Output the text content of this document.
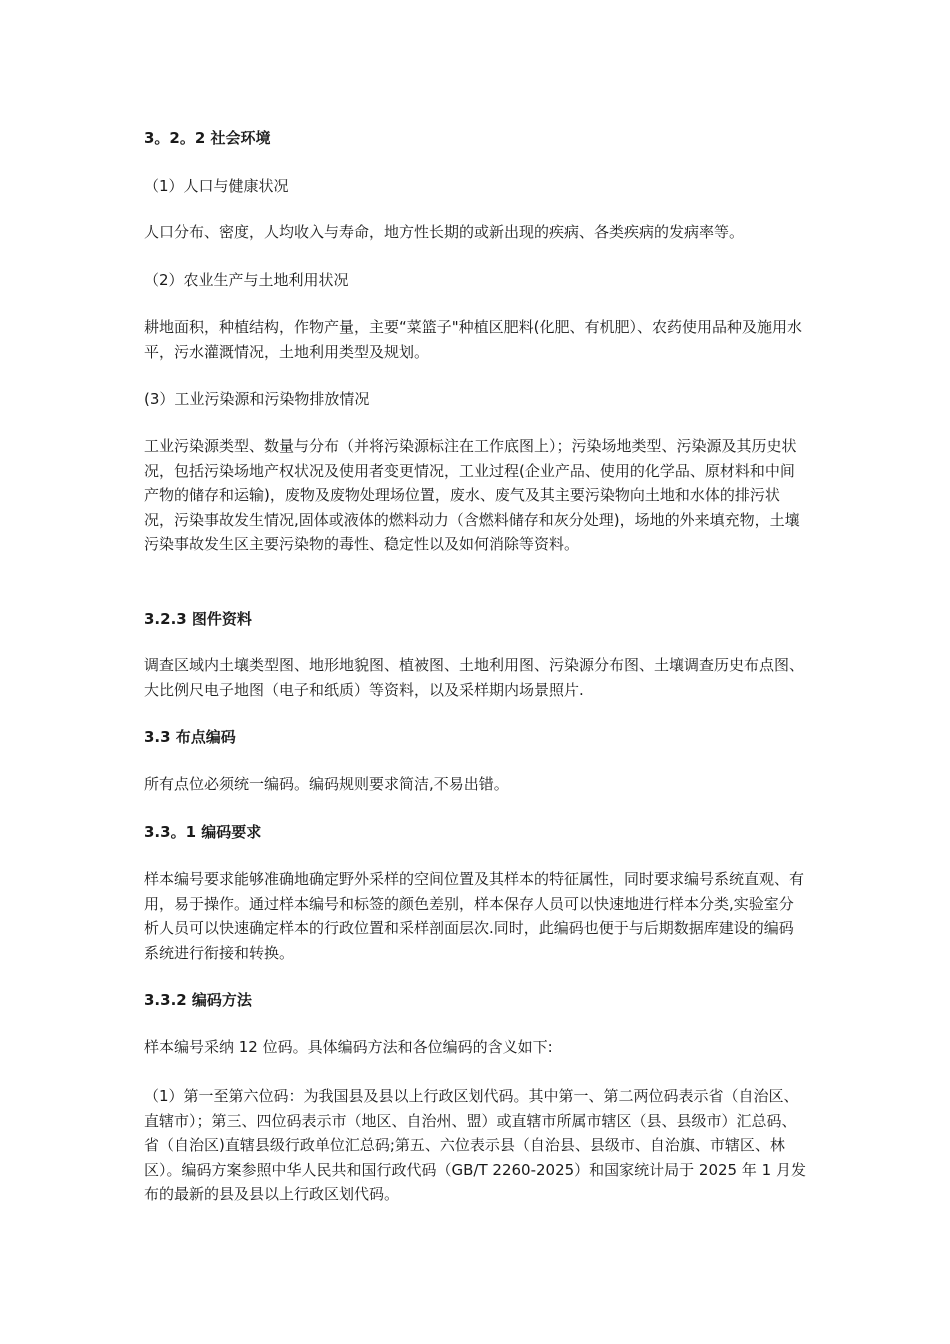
3。2。2 社会环境

（1）人口与健康状况

人口分布、密度，人均收入与寿命，地方性长期的或新出现的疾病、各类疾病的发病率等。

（2）农业生产与土地利用状况

耕地面积，种植结构，作物产量，主要“菜篮子"种植区肥料(化肥、有机肥）、农药使用品种及施用水平，污水灌溉情况，土地利用类型及规划。

(3）工业污染源和污染物排放情况

工业污染源类型、数量与分布（并将污染源标注在工作底图上）；污染场地类型、污染源及其历史状况，包括污染场地产权状况及使用者变更情况，工业过程(企业产品、使用的化学品、原材料和中间产物的储存和运输)，废物及废物处理场位置，废水、废气及其主要污染物向土地和水体的排污状况，污染事故发生情况,固体或液体的燃料动力（含燃料储存和灰分处理)，场地的外来填充物，土壤污染事故发生区主要污染物的毒性、稳定性以及如何消除等资料。

3.2.3 图件资料

调查区域内土壤类型图、地形地貌图、植被图、土地利用图、污染源分布图、土壤调查历史布点图、大比例尺电子地图（电子和纸质）等资料，以及采样期内场景照片.

3.3 布点编码

所有点位必须统一编码。编码规则要求简洁,不易出错。

3.3。1 编码要求

样本编号要求能够准确地确定野外采样的空间位置及其样本的特征属性，同时要求编号系统直观、有用，易于操作。通过样本编号和标签的颜色差别，样本保存人员可以快速地进行样本分类,实验室分析人员可以快速确定样本的行政位置和采样剖面层次.同时，此编码也便于与后期数据库建设的编码系统进行衔接和转换。

3.3.2 编码方法

样本编号采纳 12 位码。具体编码方法和各位编码的含义如下:

（1）第一至第六位码：为我国县及县以上行政区划代码。其中第一、第二两位码表示省（自治区、直辖市）；第三、四位码表示市（地区、自治州、盟）或直辖市所属市辖区（县、县级市）汇总码、省（自治区)直辖县级行政单位汇总码;第五、六位表示县（自治县、县级市、自治旗、市辖区、林区）。编码方案参照中华人民共和国行政代码（GB/T 2260-2025）和国家统计局于 2025 年 1 月发布的最新的县及县以上行政区划代码。
